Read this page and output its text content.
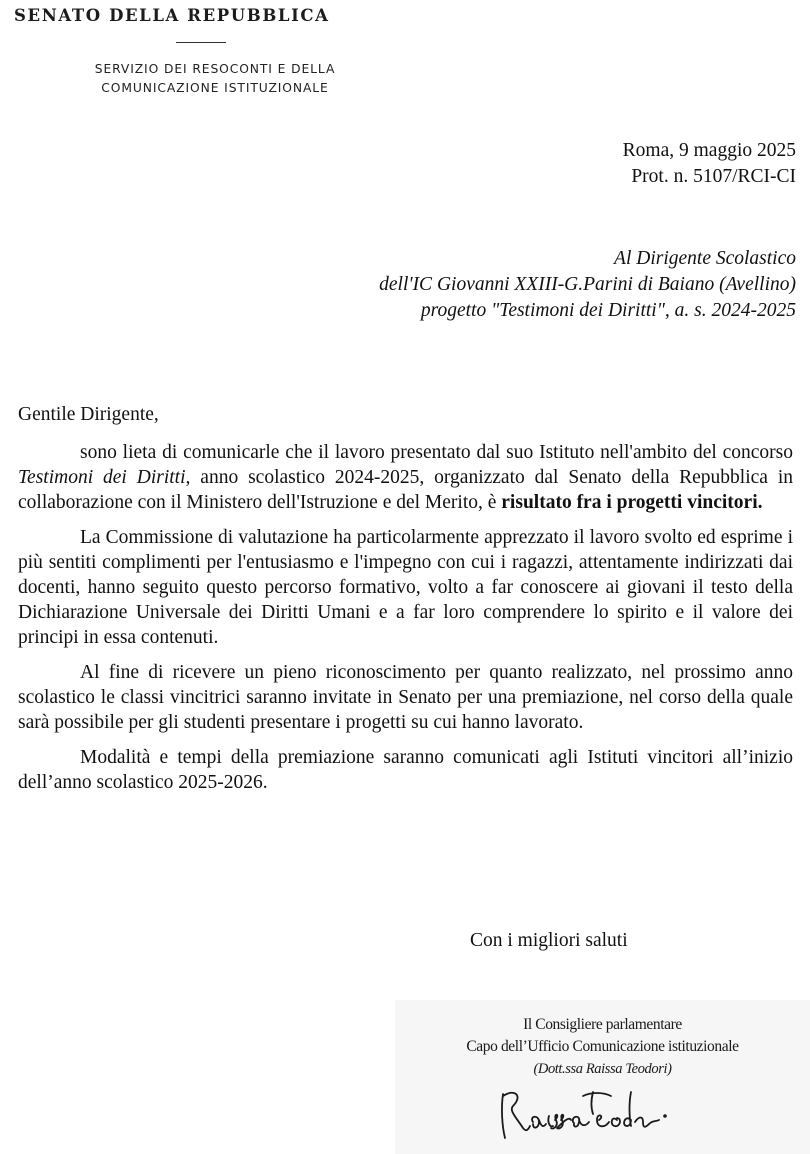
SENATO DELLA REPUBBLICA
SERVIZIO DEI RESOCONTI E DELLA
COMUNICAZIONE ISTITUZIONALE
Roma, 9 maggio 2025
Prot. n. 5107/RCI-CI
Al Dirigente Scolastico
dell'IC Giovanni XXIII-G.Parini di Baiano (Avellino)
progetto "Testimoni dei Diritti", a. s. 2024-2025

Gentile Dirigente,

sono lieta di comunicarle che il lavoro presentato dal suo Istituto nell'ambito del concorso Testimoni dei Diritti, anno scolastico 2024-2025, organizzato dal Senato della Repubblica in collaborazione con il Ministero dell'Istruzione e del Merito, è risultato fra i progetti vincitori.

La Commissione di valutazione ha particolarmente apprezzato il lavoro svolto ed esprime i più sentiti complimenti per l'entusiasmo e l'impegno con cui i ragazzi, attentamente indirizzati dai docenti, hanno seguito questo percorso formativo, volto a far conoscere ai giovani il testo della Dichiarazione Universale dei Diritti Umani e a far loro comprendere lo spirito e il valore dei principi in essa contenuti.

Al fine di ricevere un pieno riconoscimento per quanto realizzato, nel prossimo anno scolastico le classi vincitrici saranno invitate in Senato per una premiazione, nel corso della quale sarà possibile per gli studenti presentare i progetti su cui hanno lavorato.

Modalità e tempi della premiazione saranno comunicati agli Istituti vincitori all’inizio dell’anno scolastico 2025-2026.

Con i migliori saluti
Il Consigliere parlamentare
Capo dell’Ufficio Comunicazione istituzionale
(Dott.ssa Raissa Teodori)
